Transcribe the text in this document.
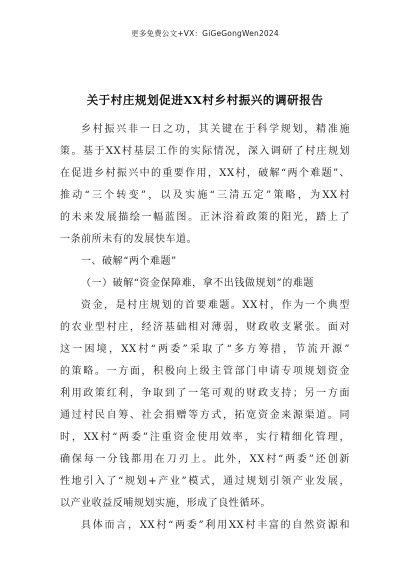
更多免费公文+VX：GiGeGongWen2024
关于村庄规划促进XX村乡村振兴的调研报告
乡村振兴非一日之功，其关键在于科学规划，精准施
策。基于XX村基层工作的实际情况，深入调研了村庄规划
在促进乡村振兴中的重要作用，XX村，破解“两个难题”、
推动“三个转变”，以及实施“三清五定”策略，为XX村
的未来发展描绘一幅蓝图。正沐浴着政策的阳光，踏上了
一条前所未有的发展快车道。
一、破解“两个难题”
（一）破解“资金保障难，拿不出钱做规划”的难题
资金，是村庄规划的首要难题。XX村，作为一个典型
的农业型村庄，经济基础相对薄弱，财政收支紧张。面对
这一困境，XX村“两委”采取了“多方筹措，节流开源”
的策略。一方面，积极向上级主管部门申请专项规划资金
利用政策红利，争取到了一笔可观的财政支持；另一方面
通过村民自筹、社会捐赠等方式，拓宽资金来源渠道。同
时，XX村“两委”注重资金使用效率，实行精细化管理，
确保每一分钱都用在刀刃上。此外，XX村“两委”还创新
性地引入了“规划+产业”模式，通过规划引领产业发展，
以产业收益反哺规划实施，形成了良性循环。
具体而言，XX村“两委”利用XX村丰富的自然资源和
